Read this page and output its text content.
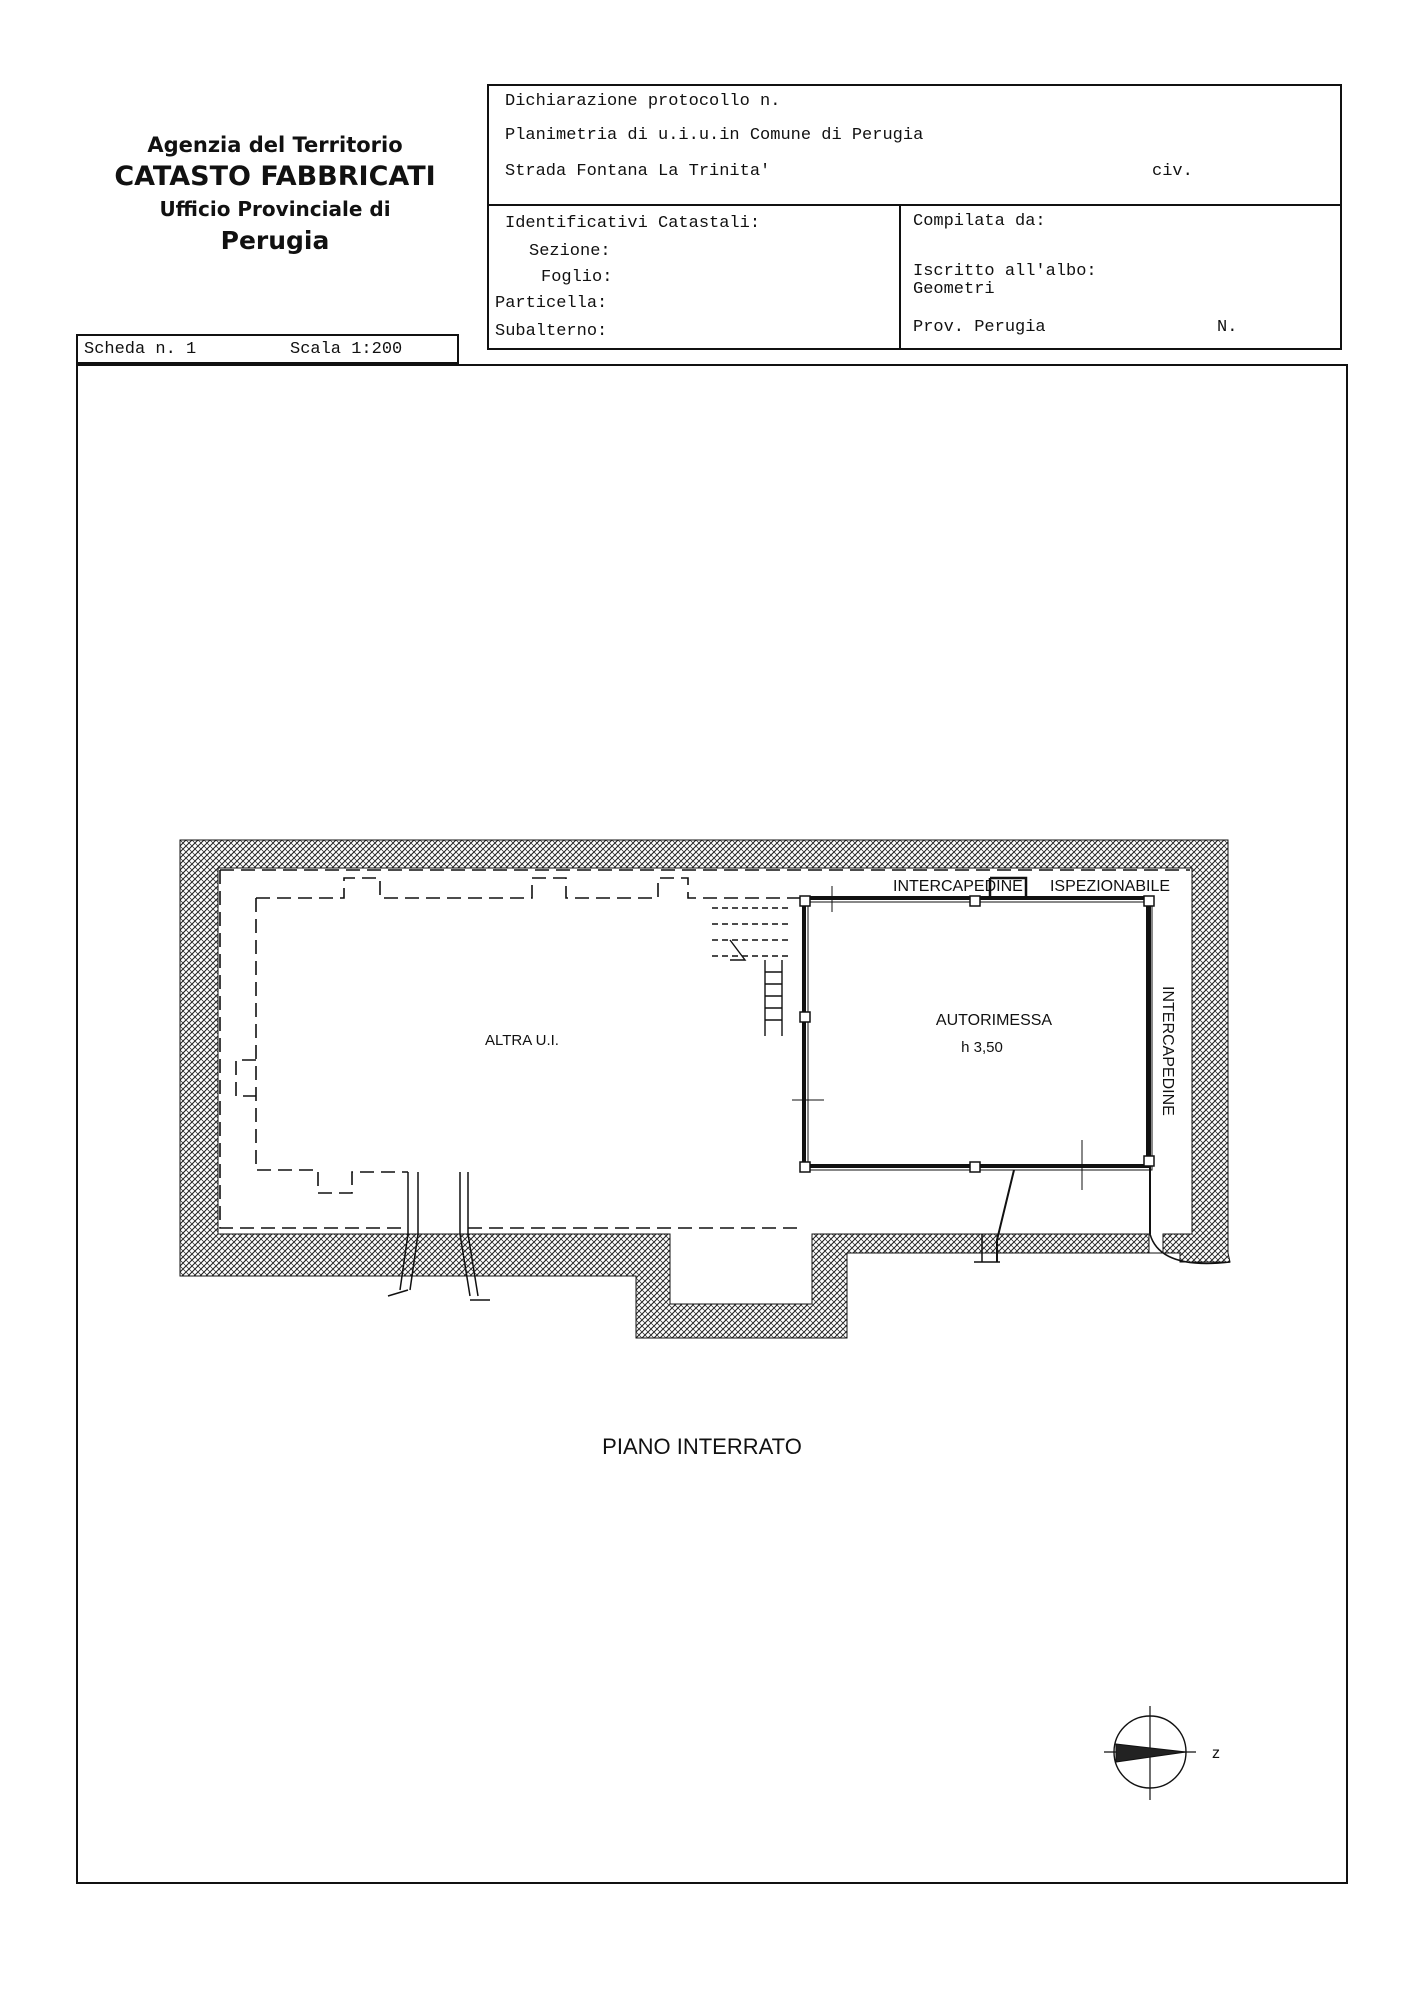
Agenzia del Territorio
CATASTO FABBRICATI
Ufficio Provinciale di
Perugia
Dichiarazione protocollo n.
Planimetria di u.i.u.in Comune di Perugia
Strada Fontana La Trinita'	civ.
Identificativi Catastali:
Sezione:
Foglio:
Particella:
Subalterno:
Compilata da:
Iscritto all'albo:
Geometri
Prov. Perugia	N.
Scheda n. 1	Scala 1:200
INTERCAPEDINE ISPEZIONABILE
INTERCAPEDINE
ALTRA U.I.
AUTORIMESSA
h 3,50
PIANO INTERRATO
z
